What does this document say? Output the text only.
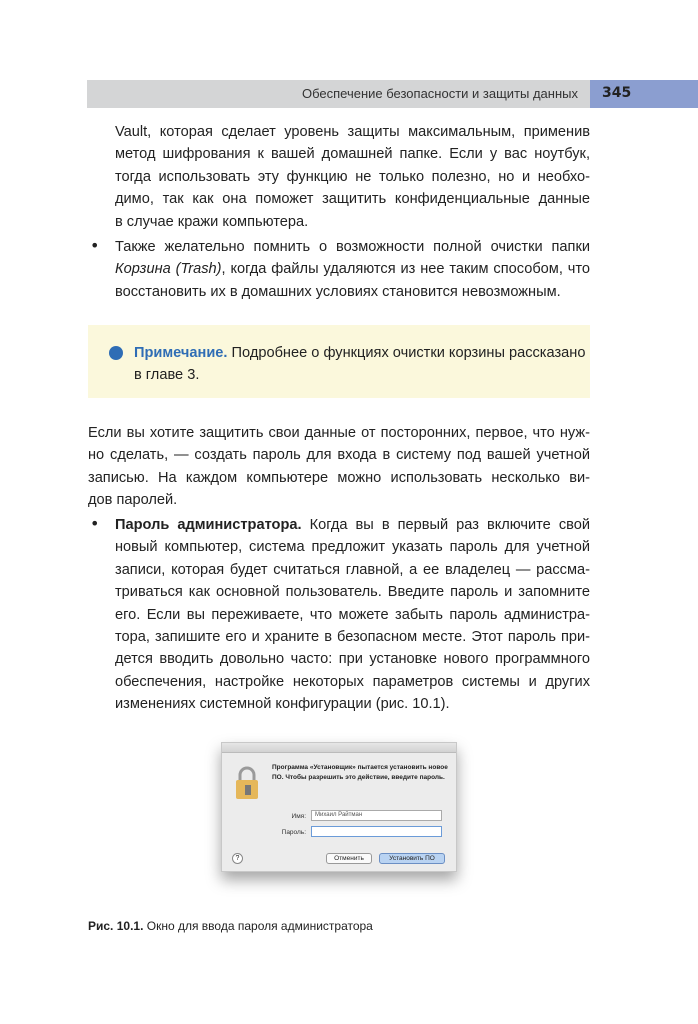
Обеспечение безопасности и защиты данных 345
Vault, которая сделает уровень защиты максимальным, применив
метод шифрования к вашей домашней папке. Если у вас ноутбук,
тогда использовать эту функцию не только полезно, но и необхо-
димо, так как она поможет защитить конфиденциальные данные
в случае кражи компьютера.
• Также желательно помнить о возможности полной очистки папки
Корзина (Trash), когда файлы удаляются из нее таким способом, что
восстановить их в домашних условиях становится невозможным.
Примечание. Подробнее о функциях очистки корзины рассказано
в главе 3.
Если вы хотите защитить свои данные от посторонних, первое, что нуж-
но сделать, — создать пароль для входа в систему под вашей учетной
записью. На каждом компьютере можно использовать несколько ви-
дов паролей.
• Пароль администратора. Когда вы в первый раз включите свой
новый компьютер, система предложит указать пароль для учетной
записи, которая будет считаться главной, а ее владелец — рассма-
триваться как основной пользователь. Введите пароль и запомните
его. Если вы переживаете, что можете забыть пароль администра-
тора, запишите его и храните в безопасном месте. Этот пароль при-
дется вводить довольно часто: при установке нового программного
обеспечения, настройке некоторых параметров системы и других
изменениях системной конфигурации (рис. 10.1).
Программа «Установщик» пытается установить новое ПО. Чтобы разрешить это действие, введите пароль.
Имя:	Михаил Райтман
Пароль:
?	Отменить	Установить ПО
Рис. 10.1. Окно для ввода пароля администратора
